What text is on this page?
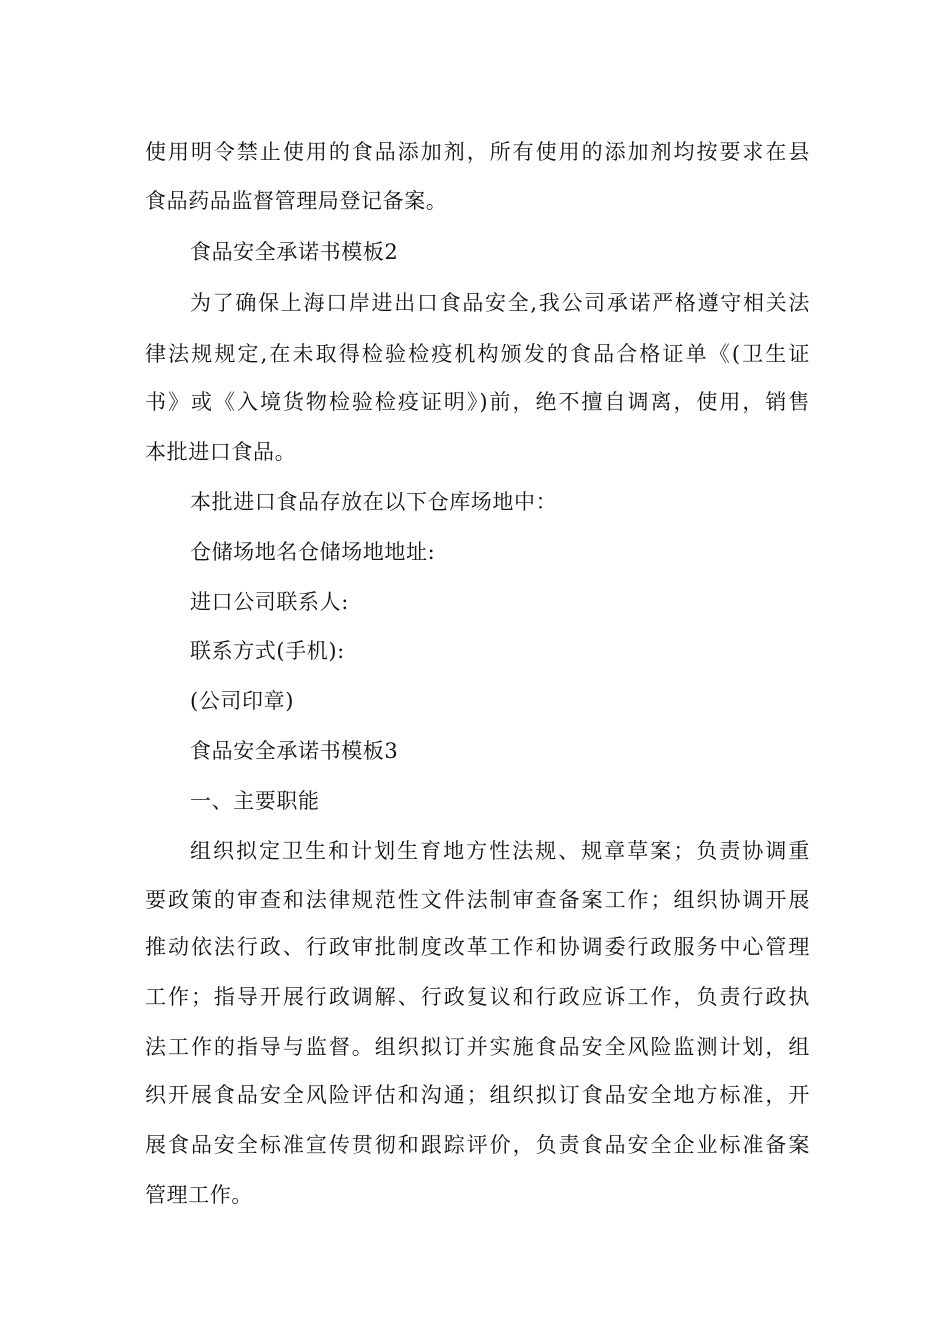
使用明令禁止使用的食品添加剂，所有使用的添加剂均按要求在县
食品药品监督管理局登记备案。
食品安全承诺书模板2
为了确保上海口岸进出口食品安全,我公司承诺严格遵守相关法
律法规规定,在未取得检验检疫机构颁发的食品合格证单《(卫生证
书》或《入境货物检验检疫证明》)前，绝不擅自调离，使用，销售
本批进口食品。
本批进口食品存放在以下仓库场地中：
仓储场地名仓储场地地址:
进口公司联系人:
联系方式(手机):
(公司印章)
食品安全承诺书模板3
一、主要职能
组织拟定卫生和计划生育地方性法规、规章草案；负责协调重
要政策的审查和法律规范性文件法制审查备案工作；组织协调开展
推动依法行政、行政审批制度改革工作和协调委行政服务中心管理
工作；指导开展行政调解、行政复议和行政应诉工作，负责行政执
法工作的指导与监督。组织拟订并实施食品安全风险监测计划，组
织开展食品安全风险评估和沟通；组织拟订食品安全地方标准，开
展食品安全标准宣传贯彻和跟踪评价，负责食品安全企业标准备案
管理工作。
